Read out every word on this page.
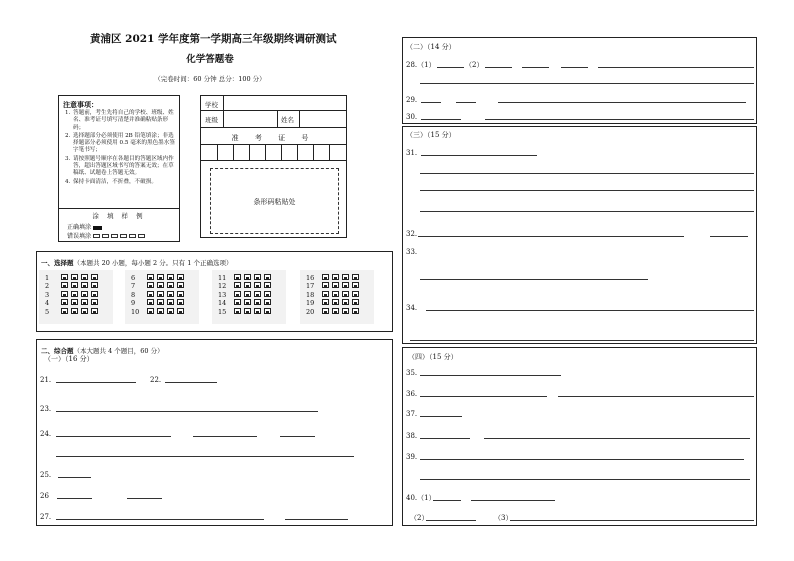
黄浦区 2021 学年度第一学期高三年级期终调研测试
化学答题卷
（完卷时间：60 分钟 总分：100 分）
注意事项：
1. 答题前，考生先将自己的学校、班级、姓名、准考证号填写清楚并准确粘贴条形码；
2. 选择题部分必须使用 2B 铅笔填涂；非选择题部分必须使用 0.5 毫米的黑色墨水签字笔书写；
3. 请按照题号顺序在各题目的答题区域内作答，超出答题区域书写的答案无效；在草稿纸、试题卷上答题无效。
4. 保持卡面清洁，不折叠，不破损。
涂 填 样 例
正确填涂
错误填涂
学校
班级	姓名
准 考 证 号
条形码粘贴处
一、选择题（本题共 20 小题，每小题 2 分。只有 1 个正确选项）
1
2
3
4
5
6
7
8
9
10
11
12
13
14
15
16
17
18
19
20
二、综合题（本大题共 4 个题目，60 分）
（一）（16 分）
21.	22.
23.
24.
25.
26
27.
（二）（14 分）
28.（1）	（2）
29.
30.
（三）（15 分）
31.
32.
33.
34.
（四）（15 分）
35.
36.
37.
38.
39.
40.（1）
（2）	（3）
